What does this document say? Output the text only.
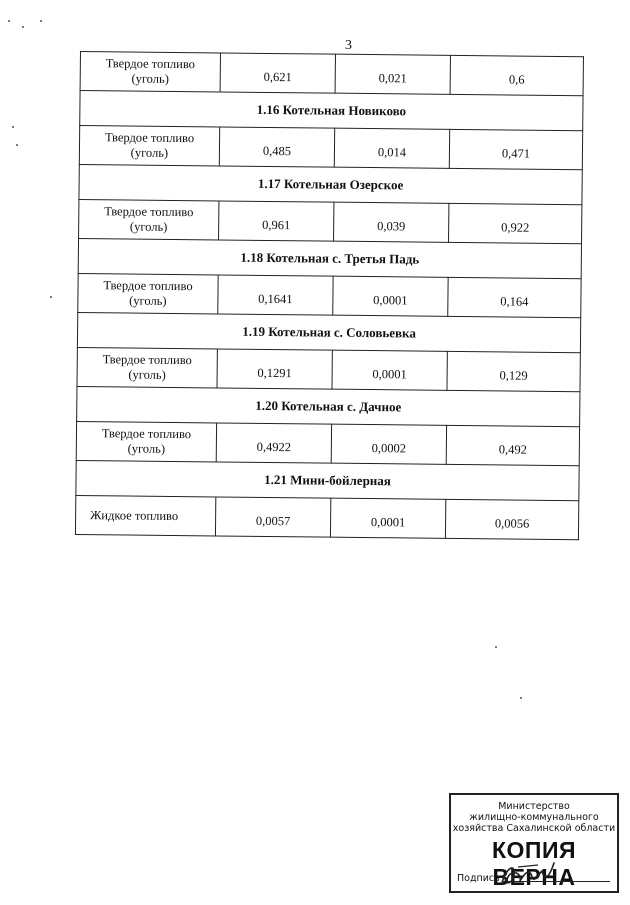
3
Твердое топливо
(уголь)	0,621	0,021	0,6
1.16 Котельная Новиково			

Твердое топливо
(уголь)	0,485	0,014	0,471
1.17 Котельная Озерское			

Твердое топливо
(уголь)	0,961	0,039	0,922
1.18 Котельная с. Третья Падь			

Твердое топливо
(уголь)	0,1641	0,0001	0,164
1.19 Котельная с. Соловьевка			

Твердое топливо
(уголь)	0,1291	0,0001	0,129
1.20 Котельная с. Дачное			

Твердое топливо
(уголь)	0,4922	0,0002	0,492
1.21 Мини-бойлерная			
Жидкое топливо	0,0057	0,0001	0,0056
Министерство
жилищно-коммунального
хозяйства Сахалинской области
КОПИЯ ВЕРНА
Подпись
